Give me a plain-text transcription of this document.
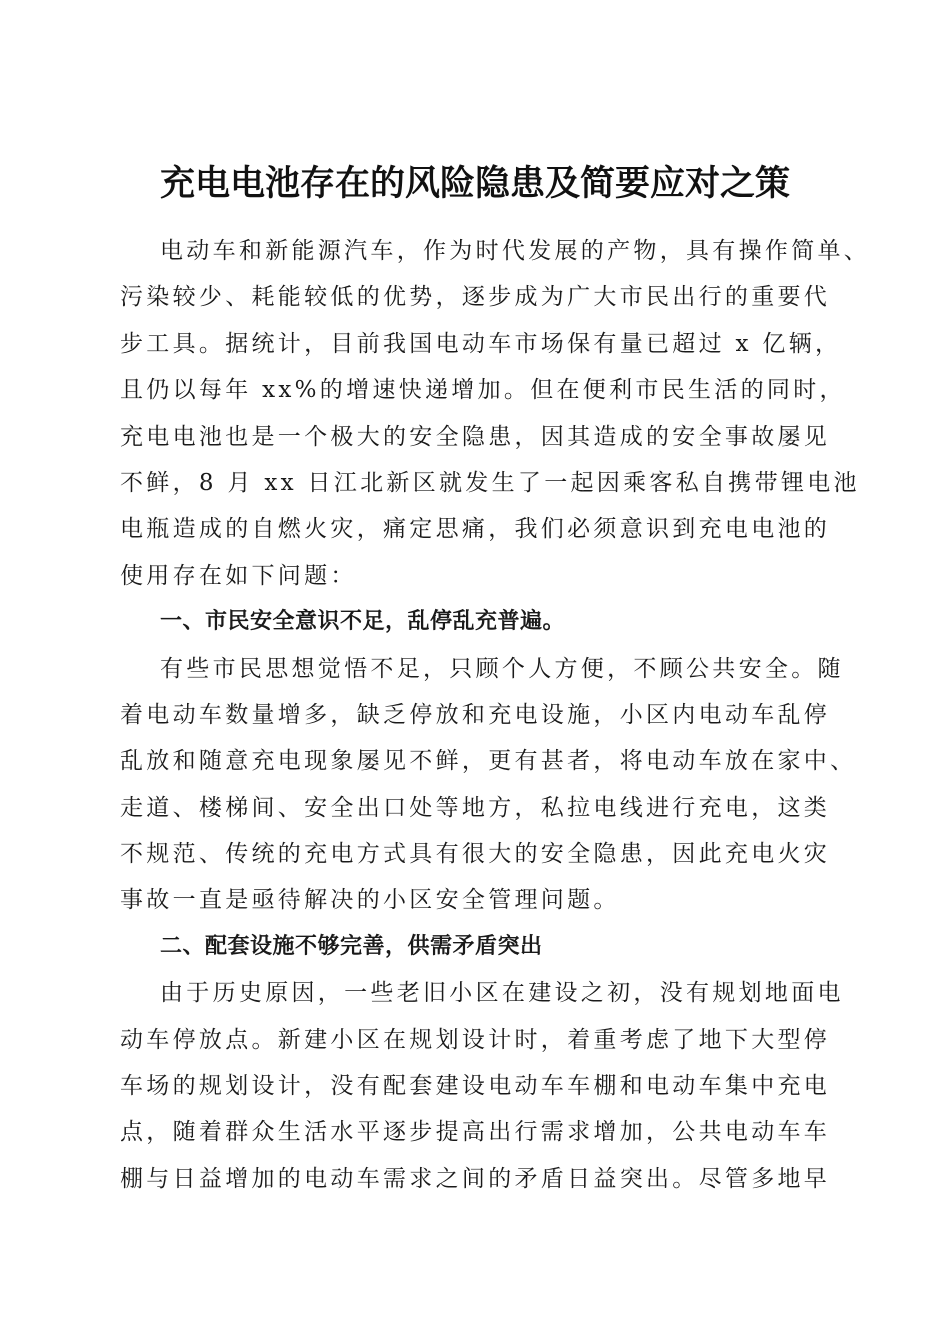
充电电池存在的风险隐患及简要应对之策
电动车和新能源汽车，作为时代发展的产物，具有操作简单、
污染较少、耗能较低的优势，逐步成为广大市民出行的重要代
步工具。据统计，目前我国电动车市场保有量已超过 x 亿辆，
且仍以每年 xx%的增速快递增加。但在便利市民生活的同时，
充电电池也是一个极大的安全隐患，因其造成的安全事故屡见
不鲜，8 月 xx 日江北新区就发生了一起因乘客私自携带锂电池
电瓶造成的自燃火灾，痛定思痛，我们必须意识到充电电池的
使用存在如下问题：
一、市民安全意识不足，乱停乱充普遍。
有些市民思想觉悟不足，只顾个人方便，不顾公共安全。随
着电动车数量增多，缺乏停放和充电设施，小区内电动车乱停
乱放和随意充电现象屡见不鲜，更有甚者，将电动车放在家中、
走道、楼梯间、安全出口处等地方，私拉电线进行充电，这类
不规范、传统的充电方式具有很大的安全隐患，因此充电火灾
事故一直是亟待解决的小区安全管理问题。
二、配套设施不够完善，供需矛盾突出
由于历史原因，一些老旧小区在建设之初，没有规划地面电
动车停放点。新建小区在规划设计时，着重考虑了地下大型停
车场的规划设计，没有配套建设电动车车棚和电动车集中充电
点，随着群众生活水平逐步提高出行需求增加，公共电动车车
棚与日益增加的电动车需求之间的矛盾日益突出。尽管多地早
